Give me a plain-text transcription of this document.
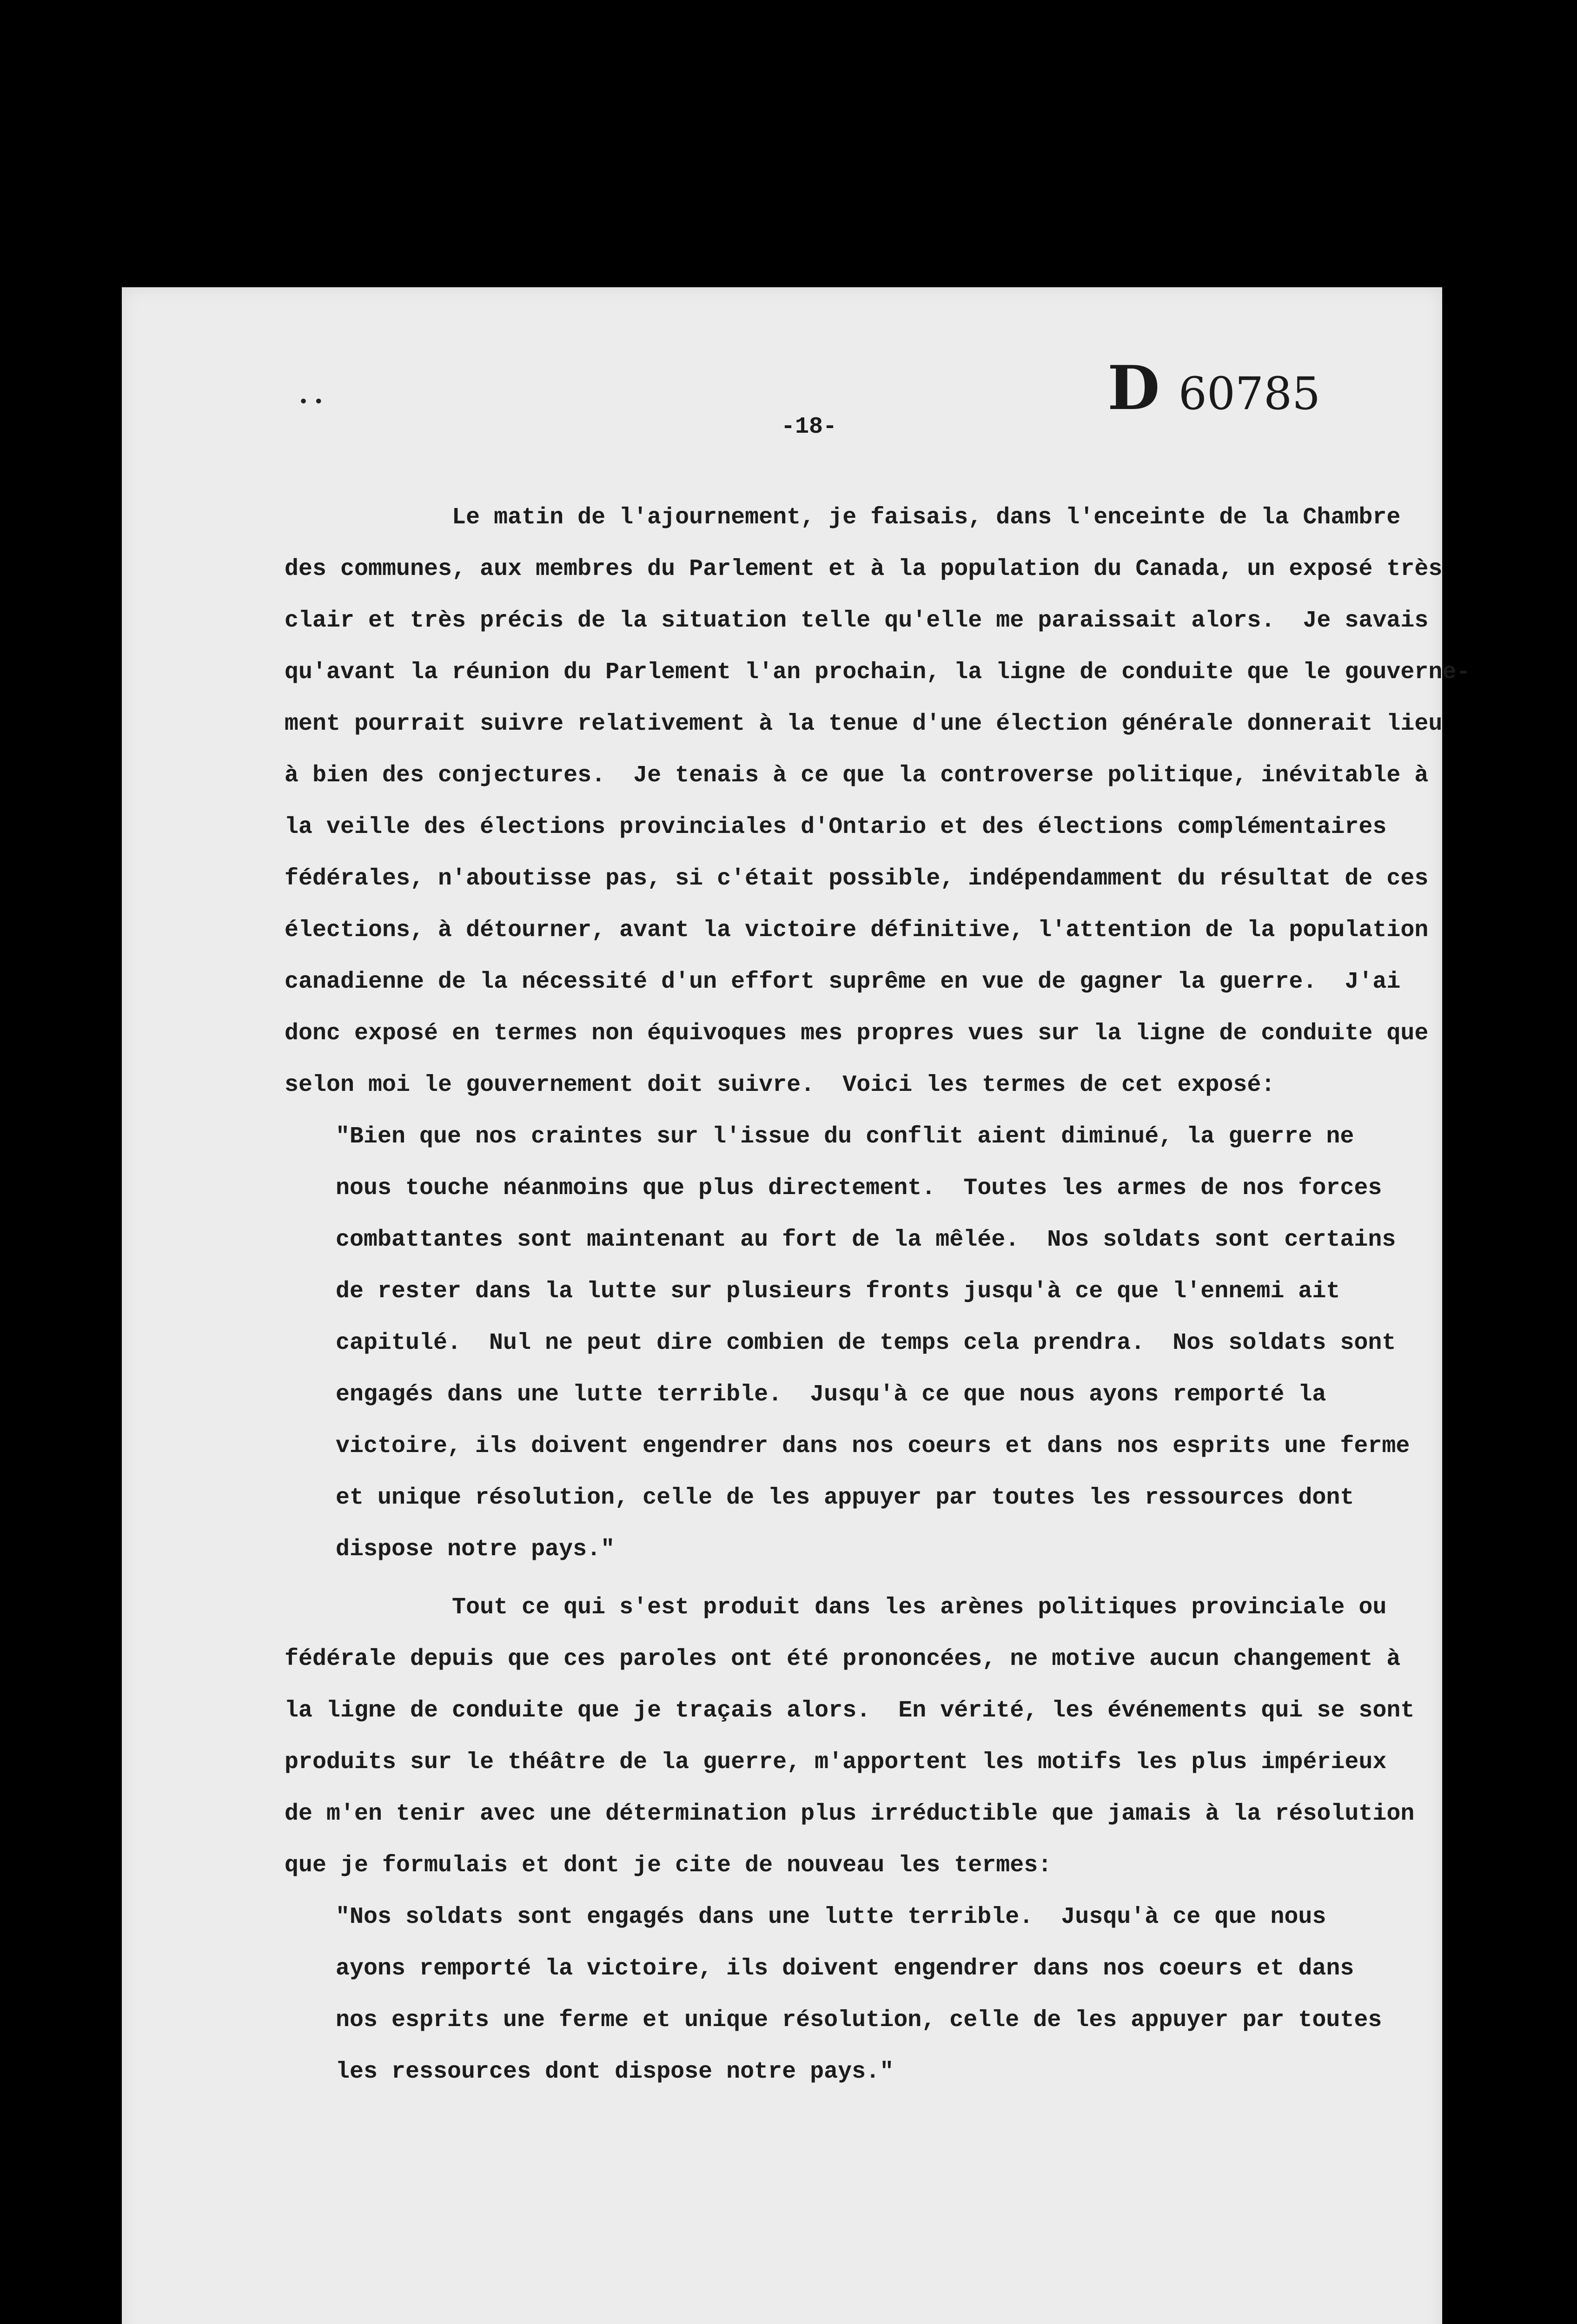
D 60785
• •
-18-
Le matin de l'ajournement, je faisais, dans l'enceinte de la Chambre
des communes, aux membres du Parlement et à la population du Canada, un exposé très
clair et très précis de la situation telle qu'elle me paraissait alors.  Je savais
qu'avant la réunion du Parlement l'an prochain, la ligne de conduite que le gouverne-
ment pourrait suivre relativement à la tenue d'une élection générale donnerait lieu
à bien des conjectures.  Je tenais à ce que la controverse politique, inévitable à
la veille des élections provinciales d'Ontario et des élections complémentaires
fédérales, n'aboutisse pas, si c'était possible, indépendamment du résultat de ces
élections, à détourner, avant la victoire définitive, l'attention de la population
canadienne de la nécessité d'un effort suprême en vue de gagner la guerre.  J'ai
donc exposé en termes non équivoques mes propres vues sur la ligne de conduite que
selon moi le gouvernement doit suivre.  Voici les termes de cet exposé:
"Bien que nos craintes sur l'issue du conflit aient diminué, la guerre ne
nous touche néanmoins que plus directement.  Toutes les armes de nos forces
combattantes sont maintenant au fort de la mêlée.  Nos soldats sont certains
de rester dans la lutte sur plusieurs fronts jusqu'à ce que l'ennemi ait
capitulé.  Nul ne peut dire combien de temps cela prendra.  Nos soldats sont
engagés dans une lutte terrible.  Jusqu'à ce que nous ayons remporté la
victoire, ils doivent engendrer dans nos coeurs et dans nos esprits une ferme
et unique résolution, celle de les appuyer par toutes les ressources dont
dispose notre pays."
Tout ce qui s'est produit dans les arènes politiques provinciale ou
fédérale depuis que ces paroles ont été prononcées, ne motive aucun changement à
la ligne de conduite que je traçais alors.  En vérité, les événements qui se sont
produits sur le théâtre de la guerre, m'apportent les motifs les plus impérieux
de m'en tenir avec une détermination plus irréductible que jamais à la résolution
que je formulais et dont je cite de nouveau les termes:
"Nos soldats sont engagés dans une lutte terrible.  Jusqu'à ce que nous
ayons remporté la victoire, ils doivent engendrer dans nos coeurs et dans
nos esprits une ferme et unique résolution, celle de les appuyer par toutes
les ressources dont dispose notre pays."
